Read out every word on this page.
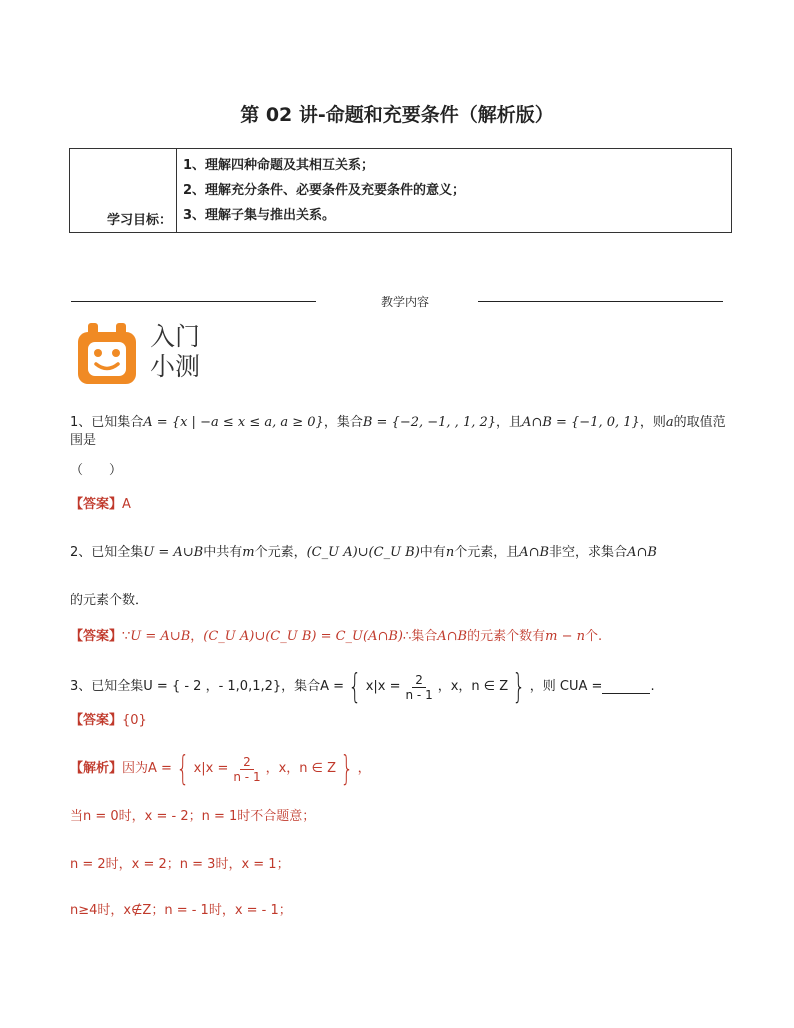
第 02 讲-命题和充要条件（解析版）
学习目标：	
1、理解四种命题及其相互关系；
2、理解充分条件、必要条件及充要条件的意义；
3、理解子集与推出关系。
教学内容
入门
小测
1、已知集合A = {x | −a ≤ x ≤ a, a ≥ 0}，集合B = {−2, −1, , 1, 2}，且A∩B = {−1, 0, 1}，则a的取值范围是
（　　）
【答案】A
2、已知全集U = A∪B中共有m个元素，(C_U A)∪(C_U B)中有n个元素，且A∩B非空，求集合A∩B
的元素个数．
【答案】∵U = A∪B，(C_U A)∪(C_U B) = C_U(A∩B)∴集合A∩B的元素个数有m − n个.
3、已知全集U = { - 2 ，- 1,0,1,2}，集合A = { $x|x = \frac{2}{n - 1}$ ，x，n ∈ Z } ，则 CUA =	.
【答案】{0}
【解析】 因为A = { $x|x = \frac{2}{n - 1}$ ，x，n ∈ Z } ，
当n = 0时，x = - 2；n = 1时不合题意；
n = 2时，x = 2；n = 3时，x = 1；
n≥4时，x∉Z；n = - 1时，x = - 1；
